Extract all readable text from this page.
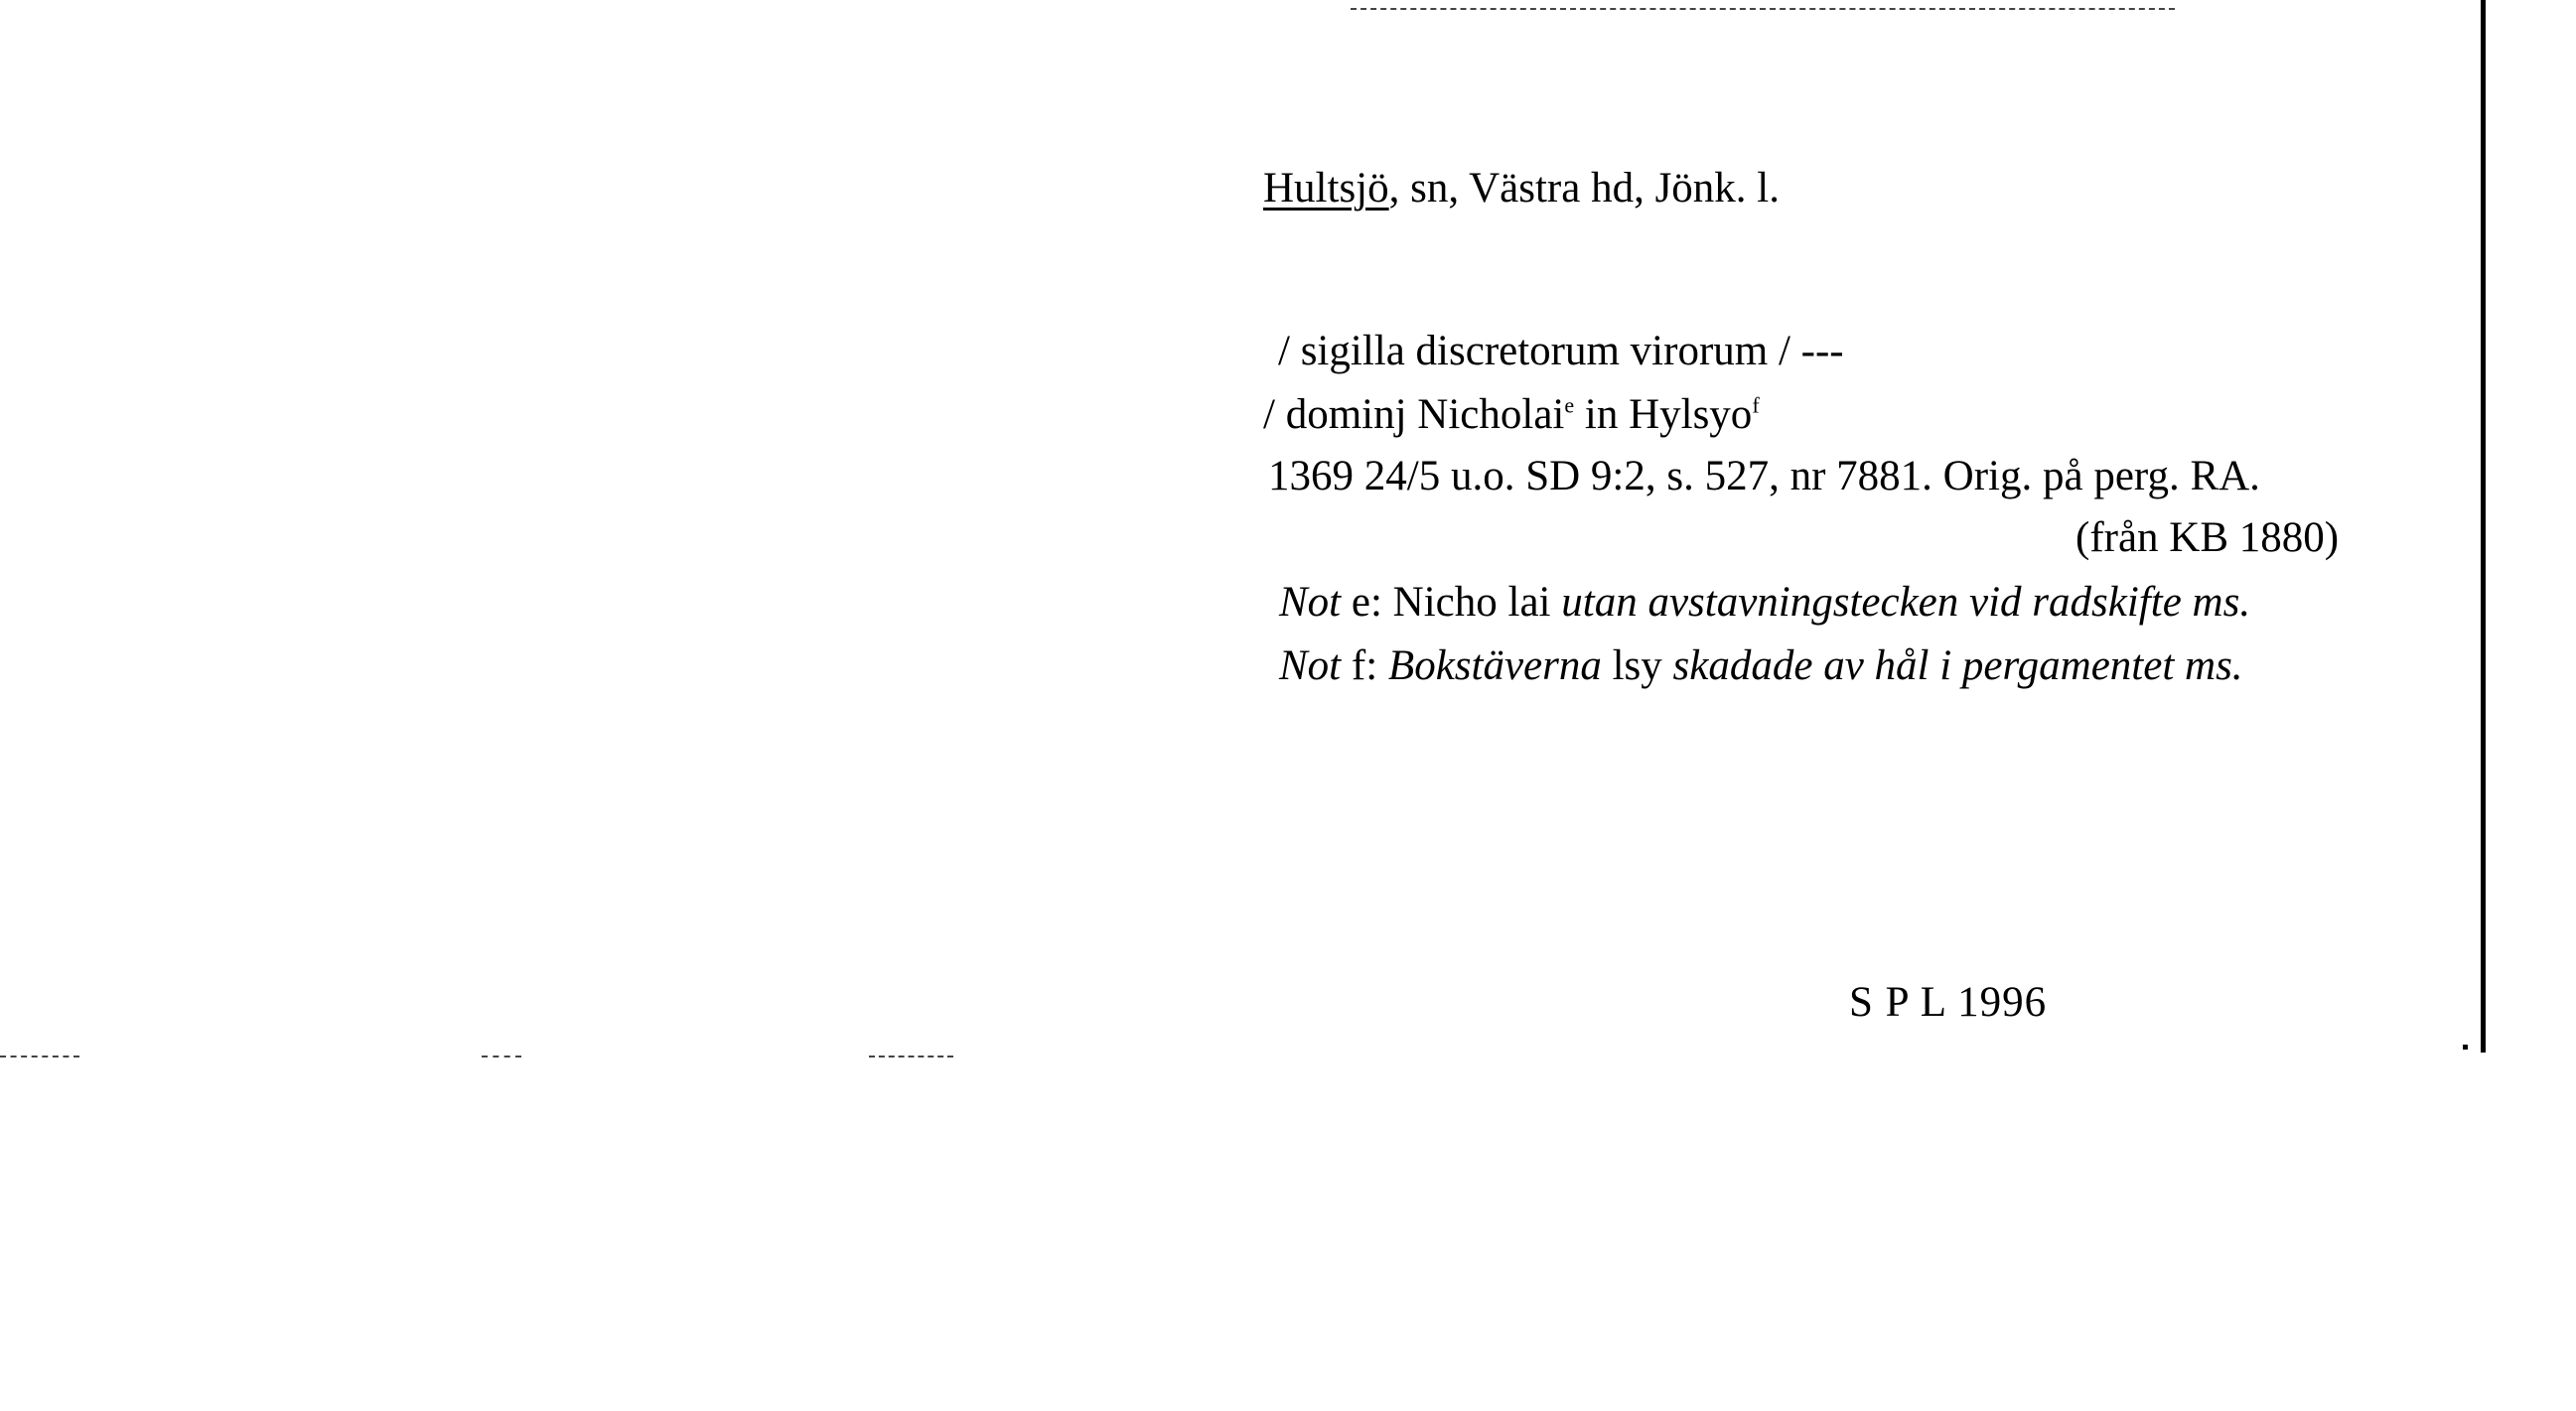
Hultsjö, sn, Västra hd, Jönk. l.
/ sigilla discretorum virorum / ---
/ dominj Nicholai$^e$ in Hylsyo$^f$
1369 24/5 u.o. SD 9:2, s. 527, nr 7881. Orig. på perg. RA.
(från KB 1880)
Not e: Nicho lai utan avstavningstecken vid radskifte ms.
Not f: Bokstäverna lsy skadade av hål i pergamentet ms.
S P L 1996
